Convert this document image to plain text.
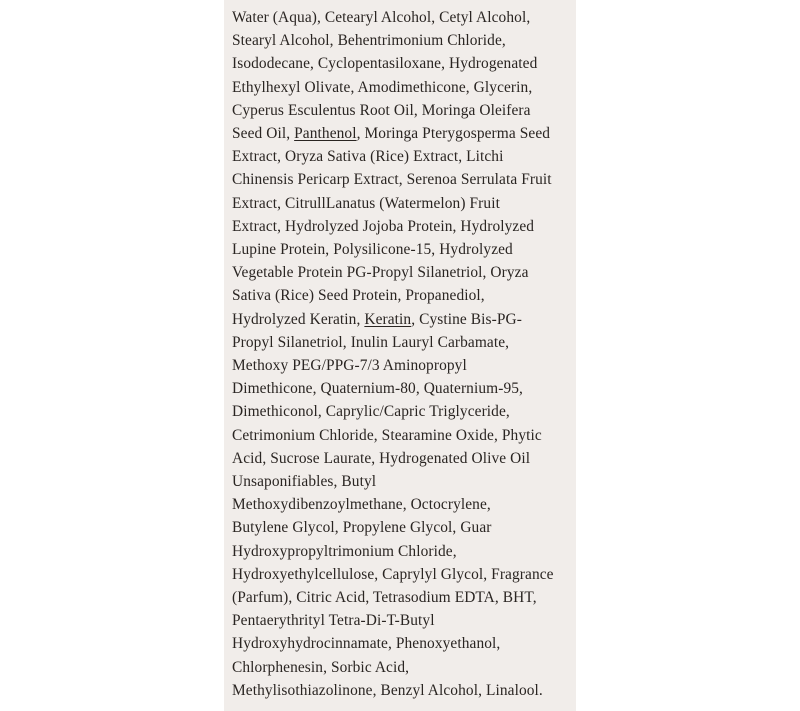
Water (Aqua), Cetearyl Alcohol, Cetyl Alcohol,
Stearyl Alcohol, Behentrimonium Chloride,
Isododecane, Cyclopentasiloxane, Hydrogenated
Ethylhexyl Olivate, Amodimethicone, Glycerin,
Cyperus Esculentus Root Oil, Moringa Oleifera
Seed Oil, Panthenol, Moringa Pterygosperma Seed
Extract, Oryza Sativa (Rice) Extract, Litchi
Chinensis Pericarp Extract, Serenoa Serrulata Fruit
Extract, CitrullLanatus (Watermelon) Fruit
Extract, Hydrolyzed Jojoba Protein, Hydrolyzed
Lupine Protein, Polysilicone-15, Hydrolyzed
Vegetable Protein PG-Propyl Silanetriol, Oryza
Sativa (Rice) Seed Protein, Propanediol,
Hydrolyzed Keratin, Keratin, Cystine Bis-PG-
Propyl Silanetriol, Inulin Lauryl Carbamate,
Methoxy PEG/PPG-7/3 Aminopropyl
Dimethicone, Quaternium-80, Quaternium-95,
Dimethiconol, Caprylic/Capric Triglyceride,
Cetrimonium Chloride, Stearamine Oxide, Phytic
Acid, Sucrose Laurate, Hydrogenated Olive Oil
Unsaponifiables, Butyl
Methoxydibenzoylmethane, Octocrylene,
Butylene Glycol, Propylene Glycol, Guar
Hydroxypropyltrimonium Chloride,
Hydroxyethylcellulose, Caprylyl Glycol, Fragrance
(Parfum), Citric Acid, Tetrasodium EDTA, BHT,
Pentaerythrityl Tetra-Di-T-Butyl
Hydroxyhydrocinnamate, Phenoxyethanol,
Chlorphenesin, Sorbic Acid,
Methylisothiazolinone, Benzyl Alcohol, Linalool.
